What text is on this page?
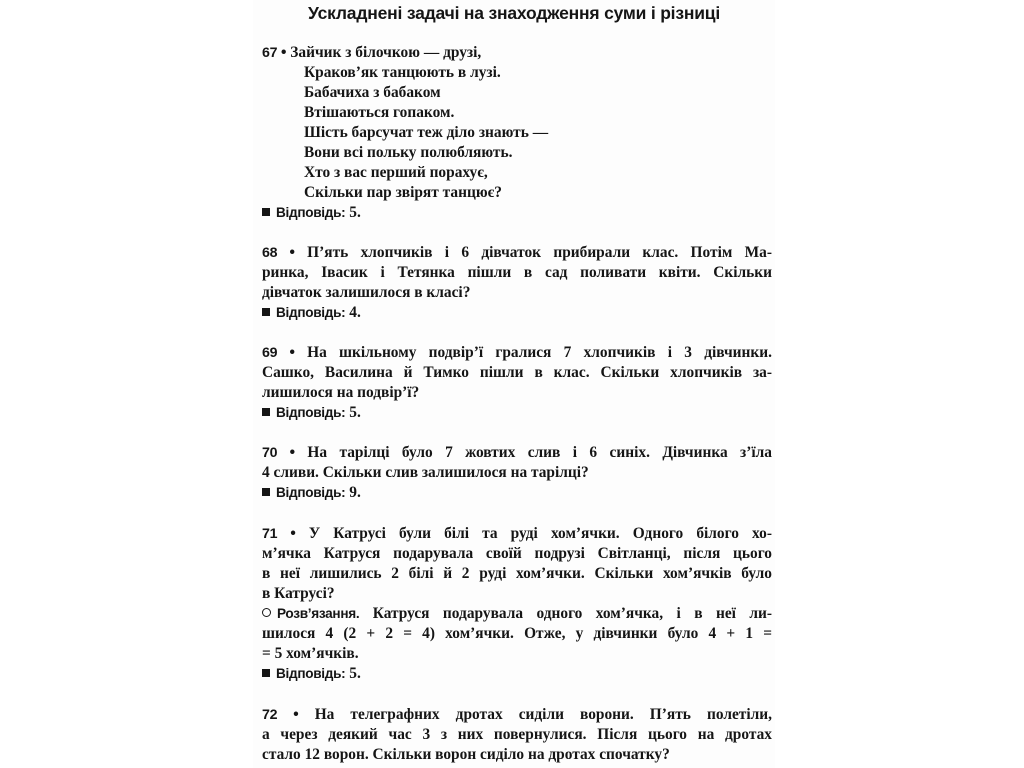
Ускладнені задачі на знаходження суми і різниці
67 • Зайчик з білочкою — друзі,
Краков’як танцюють в лузі.
Бабачиха з бабаком
Втішаються гопаком.
Шість барсучат теж діло знають —
Вони всі польку полюбляють.
Хто з вас перший порахує,
Скільки пар звірят танцює?
Відповідь: 5.
68 • П’ять хлопчиків і 6 дівчаток прибирали клас. Потім Ма-
ринка, Івасик і Тетянка пішли в сад поливати квіти. Скільки
дівчаток залишилося в класі?
Відповідь: 4.
69 • На шкільному подвір’ї гралися 7 хлопчиків і 3 дівчинки.
Сашко, Василина й Тимко пішли в клас. Скільки хлопчиків за-
лишилося на подвір’ї?
Відповідь: 5.
70 • На тарілці було 7 жовтих слив і 6 синіх. Дівчинка з’їла
4 сливи. Скільки слив залишилося на тарілці?
Відповідь: 9.
71 • У Катрусі були білі та руді хом’ячки. Одного білого хо-
м’ячка Катруся подарувала своїй подрузі Світланці, після цього
в неї лишились 2 білі й 2 руді хом’ячки. Скільки хом’ячків було
в Катрусі?
Розв’язання. Катруся подарувала одного хом’ячка, і в неї ли-
шилося 4 (2 + 2 = 4) хом’ячки. Отже, у дівчинки було 4 + 1 =
= 5 хом’ячків.
Відповідь: 5.
72 • На телеграфних дротах сиділи ворони. П’ять полетіли,
а через деякий час 3 з них повернулися. Після цього на дротах
стало 12 ворон. Скільки ворон сиділо на дротах спочатку?
